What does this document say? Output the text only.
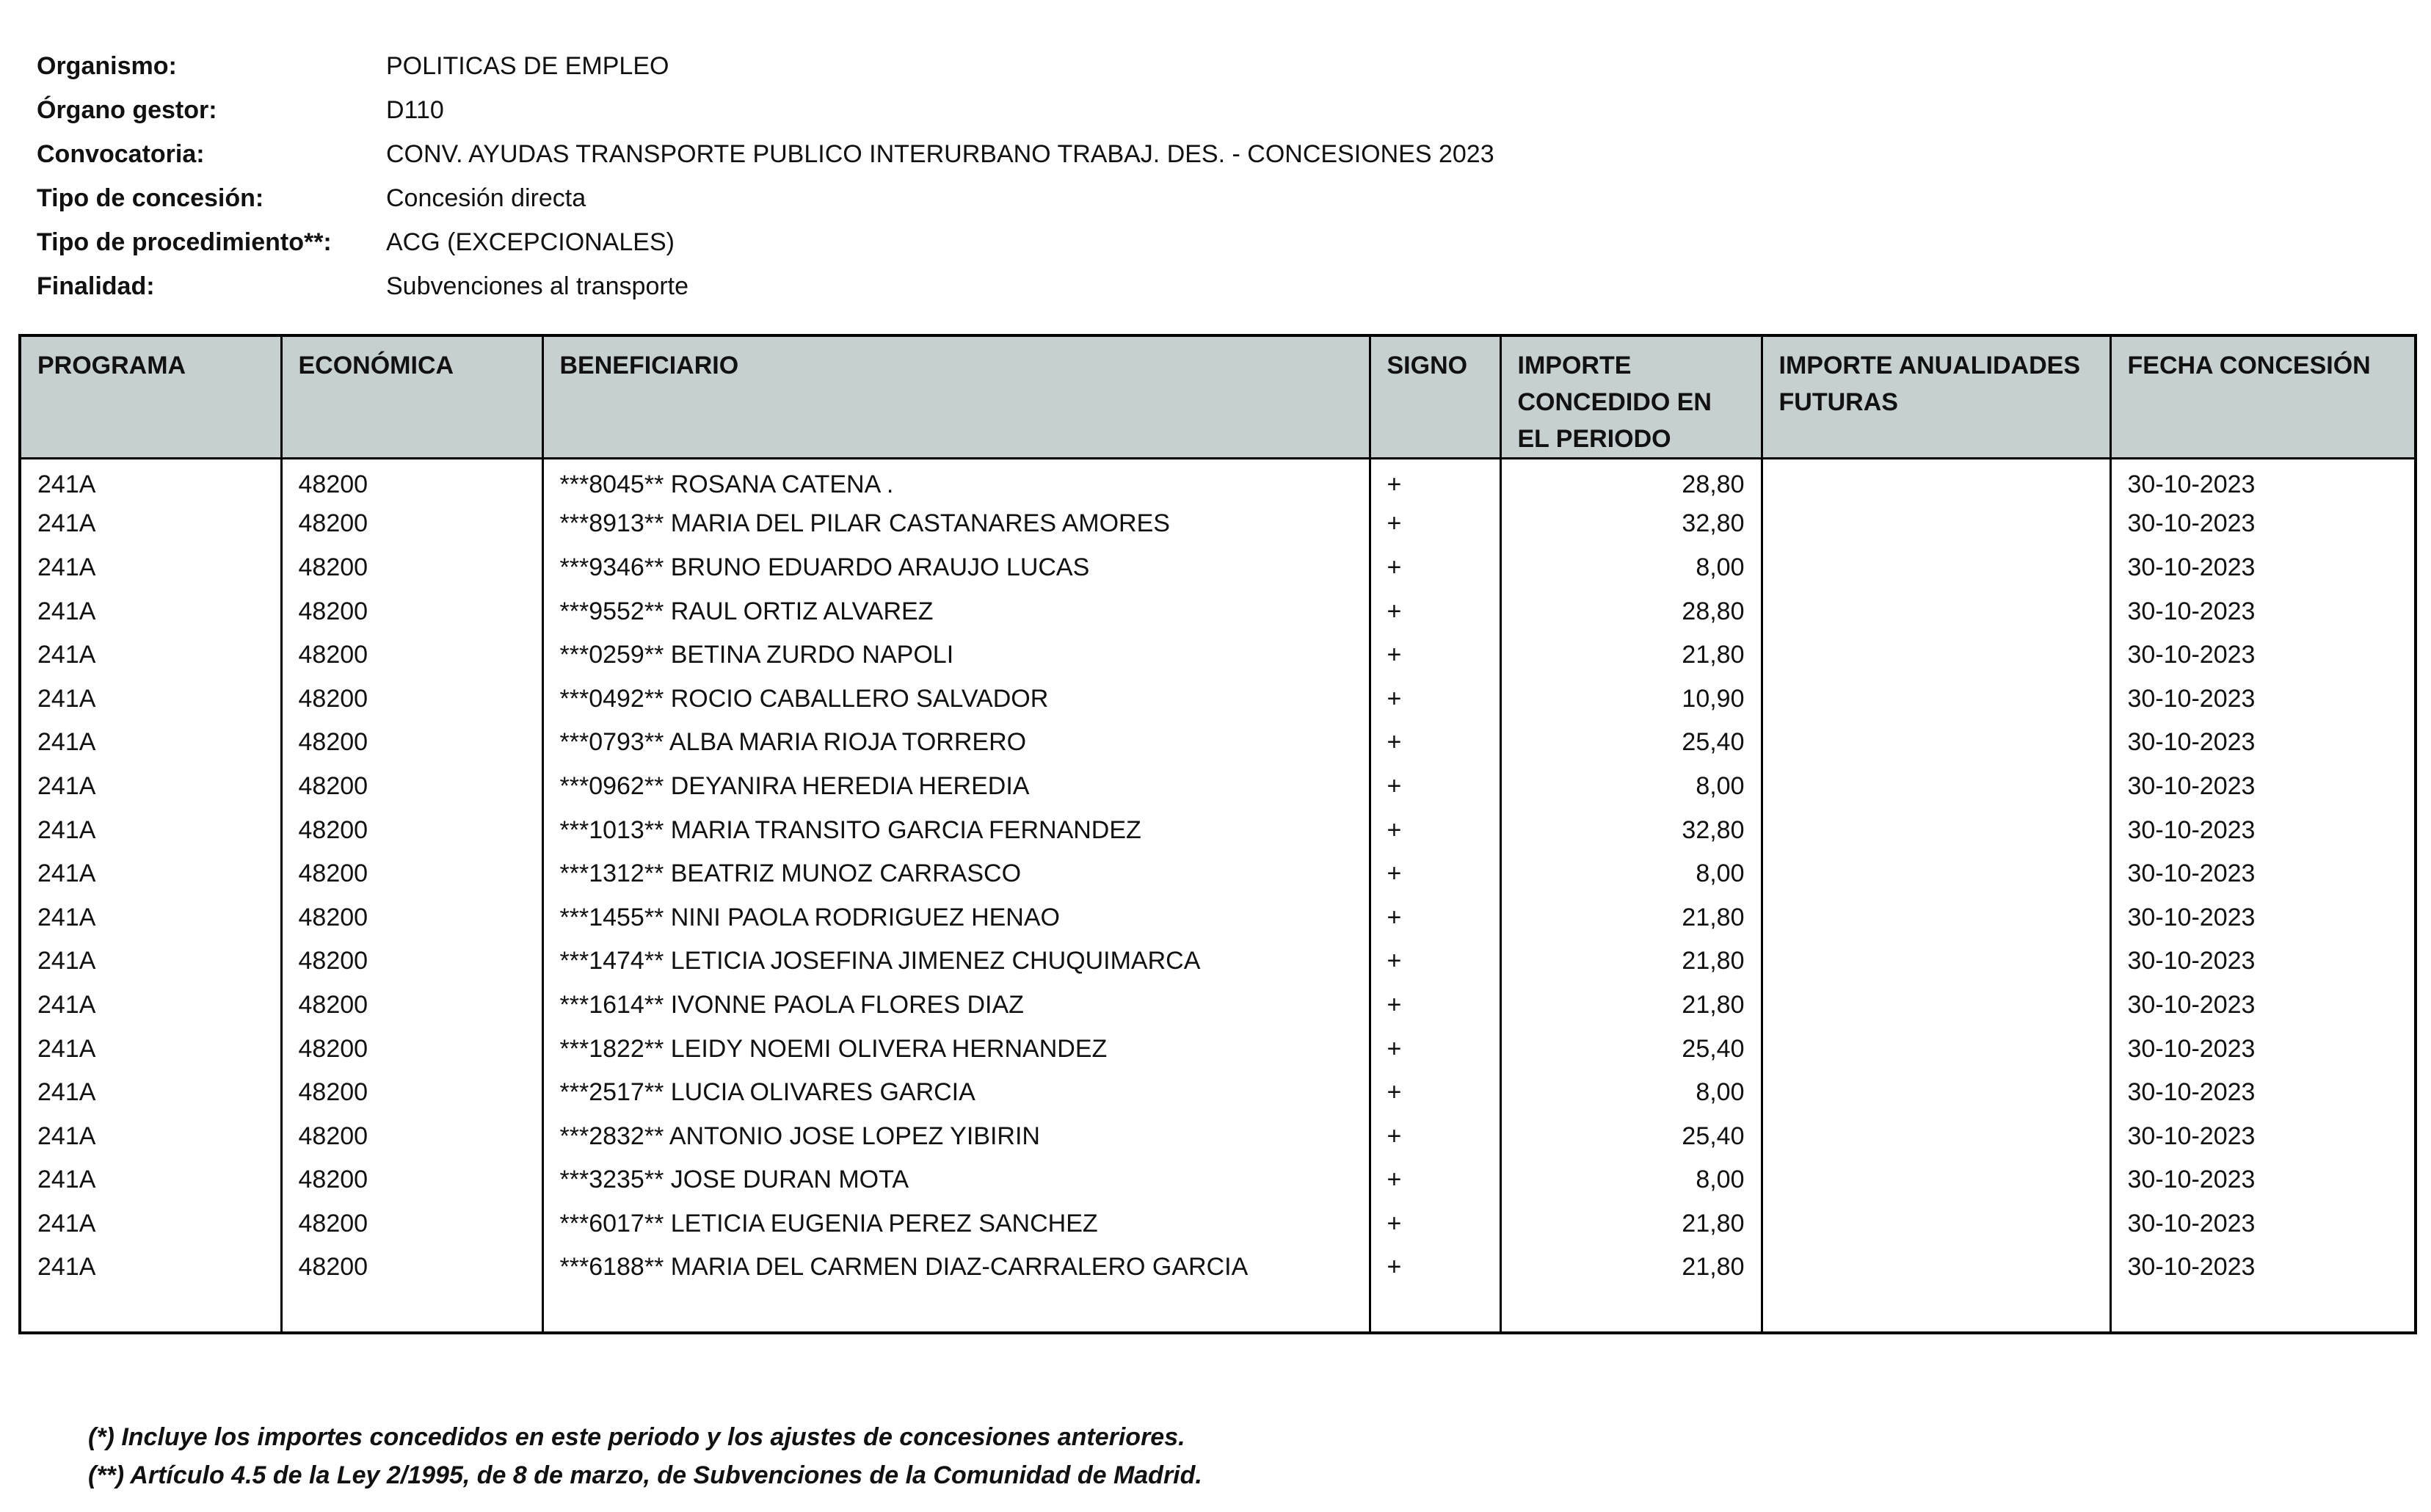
Organismo:	POLITICAS DE EMPLEO
Órgano gestor:	D110
Convocatoria:	CONV. AYUDAS TRANSPORTE PUBLICO INTERURBANO TRABAJ. DES. - CONCESIONES 2023
Tipo de concesión:	Concesión directa
Tipo de procedimiento**:	ACG (EXCEPCIONALES)
Finalidad:	Subvenciones al transporte
PROGRAMA	ECONÓMICA	BENEFICIARIO	SIGNO	IMPORTE CONCEDIDO EN EL PERIODO	IMPORTE ANUALIDADES FUTURAS	FECHA CONCESIÓN
241A	48200	***8045** ROSANA CATENA .	+	28,80		30-10-2023
241A	48200	***8913** MARIA DEL PILAR CASTANARES AMORES	+	32,80		30-10-2023
241A	48200	***9346** BRUNO EDUARDO ARAUJO LUCAS	+	8,00		30-10-2023
241A	48200	***9552** RAUL ORTIZ ALVAREZ	+	28,80		30-10-2023
241A	48200	***0259** BETINA ZURDO NAPOLI	+	21,80		30-10-2023
241A	48200	***0492** ROCIO CABALLERO SALVADOR	+	10,90		30-10-2023
241A	48200	***0793** ALBA MARIA RIOJA TORRERO	+	25,40		30-10-2023
241A	48200	***0962** DEYANIRA HEREDIA HEREDIA	+	8,00		30-10-2023
241A	48200	***1013** MARIA TRANSITO GARCIA FERNANDEZ	+	32,80		30-10-2023
241A	48200	***1312** BEATRIZ MUNOZ CARRASCO	+	8,00		30-10-2023
241A	48200	***1455** NINI PAOLA RODRIGUEZ HENAO	+	21,80		30-10-2023
241A	48200	***1474** LETICIA JOSEFINA JIMENEZ CHUQUIMARCA	+	21,80		30-10-2023
241A	48200	***1614** IVONNE PAOLA FLORES DIAZ	+	21,80		30-10-2023
241A	48200	***1822** LEIDY NOEMI OLIVERA HERNANDEZ	+	25,40		30-10-2023
241A	48200	***2517** LUCIA OLIVARES GARCIA	+	8,00		30-10-2023
241A	48200	***2832** ANTONIO JOSE LOPEZ YIBIRIN	+	25,40		30-10-2023
241A	48200	***3235** JOSE DURAN MOTA	+	8,00		30-10-2023
241A	48200	***6017** LETICIA EUGENIA PEREZ SANCHEZ	+	21,80		30-10-2023
241A	48200	***6188** MARIA DEL CARMEN DIAZ-CARRALERO GARCIA	+	21,80		30-10-2023

(*) Incluye los importes concedidos en este periodo y los ajustes de concesiones anteriores.
(**) Artículo 4.5 de la Ley 2/1995, de 8 de marzo, de Subvenciones de la Comunidad de Madrid.
